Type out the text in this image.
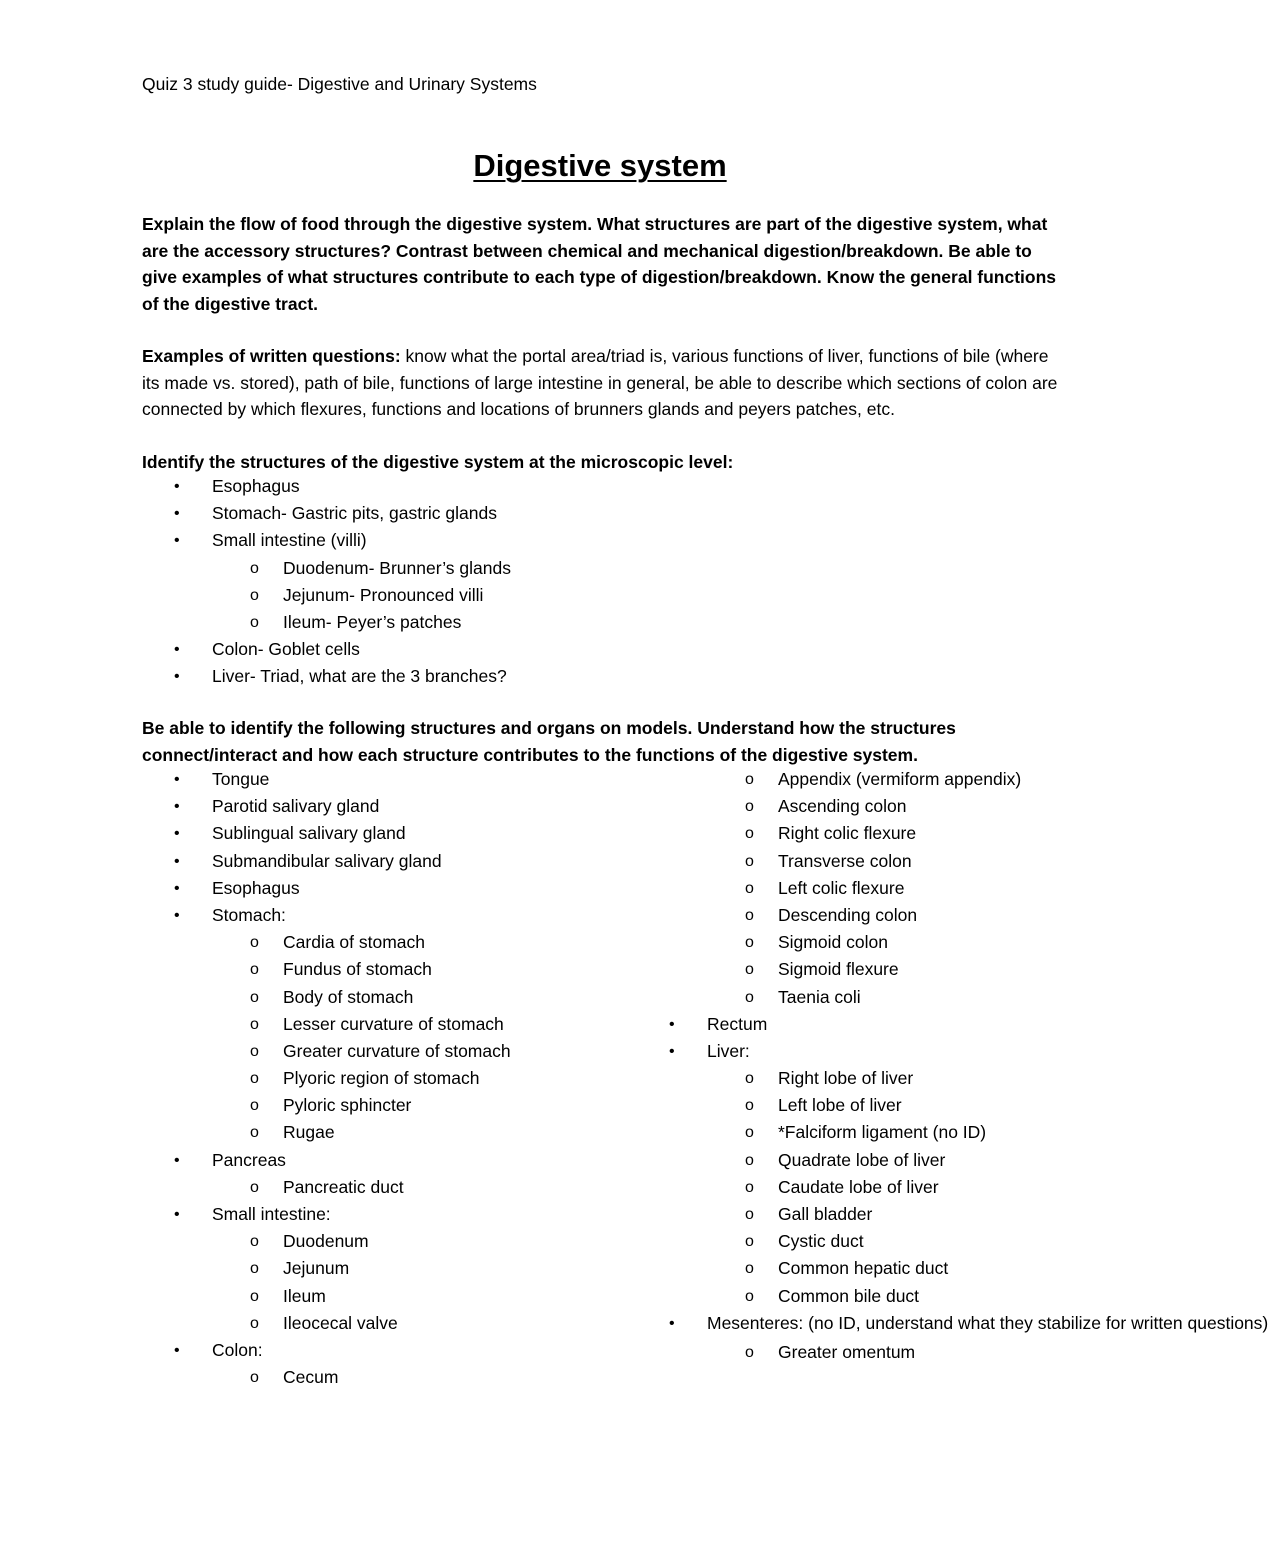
Quiz 3 study guide- Digestive and Urinary Systems
Digestive system

Explain the flow of food through the digestive system. What structures are part of the digestive system, what are the accessory structures? Contrast between chemical and mechanical digestion/breakdown. Be able to give examples of what structures contribute to each type of digestion/breakdown. Know the general functions of the digestive tract.

Examples of written questions: know what the portal area/triad is, various functions of liver, functions of bile (where its made vs. stored), path of bile, functions of large intestine in general, be able to describe which sections of colon are connected by which flexures, functions and locations of brunners glands and peyers patches, etc.

Identify the structures of the digestive system at the microscopic level:

• Esophagus
• Stomach- Gastric pits, gastric glands
• Small intestine (villi)
o Duodenum- Brunner’s glands
o Jejunum- Pronounced villi
o Ileum- Peyer’s patches
• Colon- Goblet cells
• Liver- Triad, what are the 3 branches?

Be able to identify the following structures and organs on models. Understand how the structures connect/interact and how each structure contributes to the functions of the digestive system.

• Tongue
• Parotid salivary gland
• Sublingual salivary gland
• Submandibular salivary gland
• Esophagus
• Stomach:
o Cardia of stomach
o Fundus of stomach
o Body of stomach
o Lesser curvature of stomach
o Greater curvature of stomach
o Plyoric region of stomach
o Pyloric sphincter
o Rugae
• Pancreas
o Pancreatic duct
• Small intestine:
o Duodenum
o Jejunum
o Ileum
o Ileocecal valve
• Colon:
o Cecum
o Appendix (vermiform appendix)
o Ascending colon
o Right colic flexure
o Transverse colon
o Left colic flexure
o Descending colon
o Sigmoid colon
o Sigmoid flexure
o Taenia coli
• Rectum
• Liver:
o Right lobe of liver
o Left lobe of liver
o *Falciform ligament (no ID)
o Quadrate lobe of liver
o Caudate lobe of liver
o Gall bladder
o Cystic duct
o Common hepatic duct
o Common bile duct
• Mesenteres: (no ID, understand what they stabilize for written questions)
o Greater omentum
